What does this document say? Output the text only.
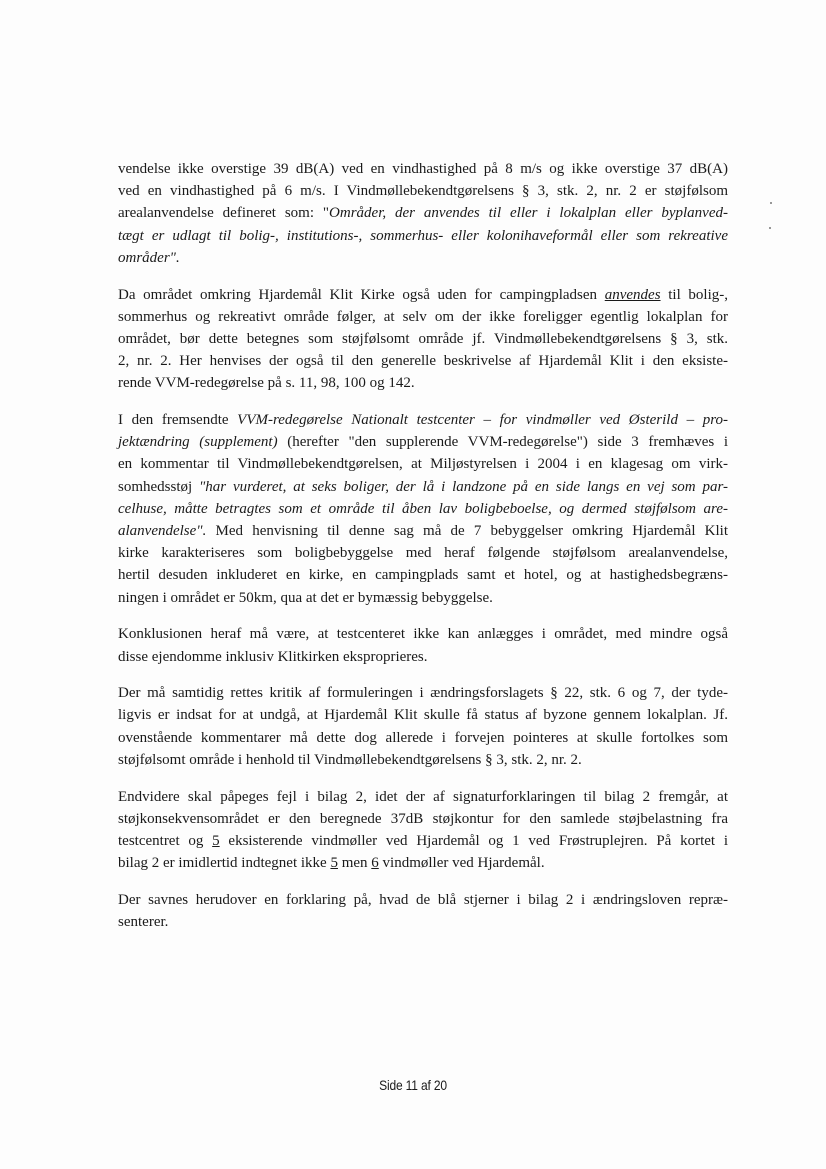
vendelse ikke overstige 39 dB(A) ved en vindhastighed på 8 m/s og ikke overstige 37 dB(A)
ved en vindhastighed på 6 m/s. I Vindmøllebekendtgørelsens § 3, stk. 2, nr. 2 er støjfølsom
arealanvendelse defineret som: "Områder, der anvendes til eller i lokalplan eller byplanved-
tægt er udlagt til bolig-, institutions-, sommerhus- eller kolonihaveformål eller som rekreative
områder".

Da området omkring Hjardemål Klit Kirke også uden for campingpladsen anvendes til bolig-,
sommerhus og rekreativt område følger, at selv om der ikke foreligger egentlig lokalplan for
området, bør dette betegnes som støjfølsomt område jf. Vindmøllebekendtgørelsens § 3, stk.
2, nr. 2. Her henvises der også til den generelle beskrivelse af Hjardemål Klit i den eksiste-
rende VVM-redegørelse på s. 11, 98, 100 og 142.

I den fremsendte VVM-redegørelse Nationalt testcenter – for vindmøller ved Østerild – pro-
jektændring (supplement) (herefter "den supplerende VVM-redegørelse") side 3 fremhæves i
en kommentar til Vindmøllebekendtgørelsen, at Miljøstyrelsen i 2004 i en klagesag om virk-
somhedsstøj "har vurderet, at seks boliger, der lå i landzone på en side langs en vej som par-
celhuse, måtte betragtes som et område til åben lav boligbeboelse, og dermed støjfølsom are-
alanvendelse". Med henvisning til denne sag må de 7 bebyggelser omkring Hjardemål Klit
kirke karakteriseres som boligbebyggelse med heraf følgende støjfølsom arealanvendelse,
hertil desuden inkluderet en kirke, en campingplads samt et hotel, og at hastighedsbegræns-
ningen i området er 50km, qua at det er bymæssig bebyggelse.

Konklusionen heraf må være, at testcenteret ikke kan anlægges i området, med mindre også
disse ejendomme inklusiv Klitkirken eksproprieres.

Der må samtidig rettes kritik af formuleringen i ændringsforslagets § 22, stk. 6 og 7, der tyde-
ligvis er indsat for at undgå, at Hjardemål Klit skulle få status af byzone gennem lokalplan. Jf.
ovenstående kommentarer må dette dog allerede i forvejen pointeres at skulle fortolkes som
støjfølsomt område i henhold til Vindmøllebekendtgørelsens § 3, stk. 2, nr. 2.

Endvidere skal påpeges fejl i bilag 2, idet der af signaturforklaringen til bilag 2 fremgår, at
støjkonsekvensområdet er den beregnede 37dB støjkontur for den samlede støjbelastning fra
testcentret og 5 eksisterende vindmøller ved Hjardemål og 1 ved Frøstruplejren. På kortet i
bilag 2 er imidlertid indtegnet ikke 5 men 6 vindmøller ved Hjardemål.

Der savnes herudover en forklaring på, hvad de blå stjerner i bilag 2 i ændringsloven repræ-
senterer.

Side 11 af 20
